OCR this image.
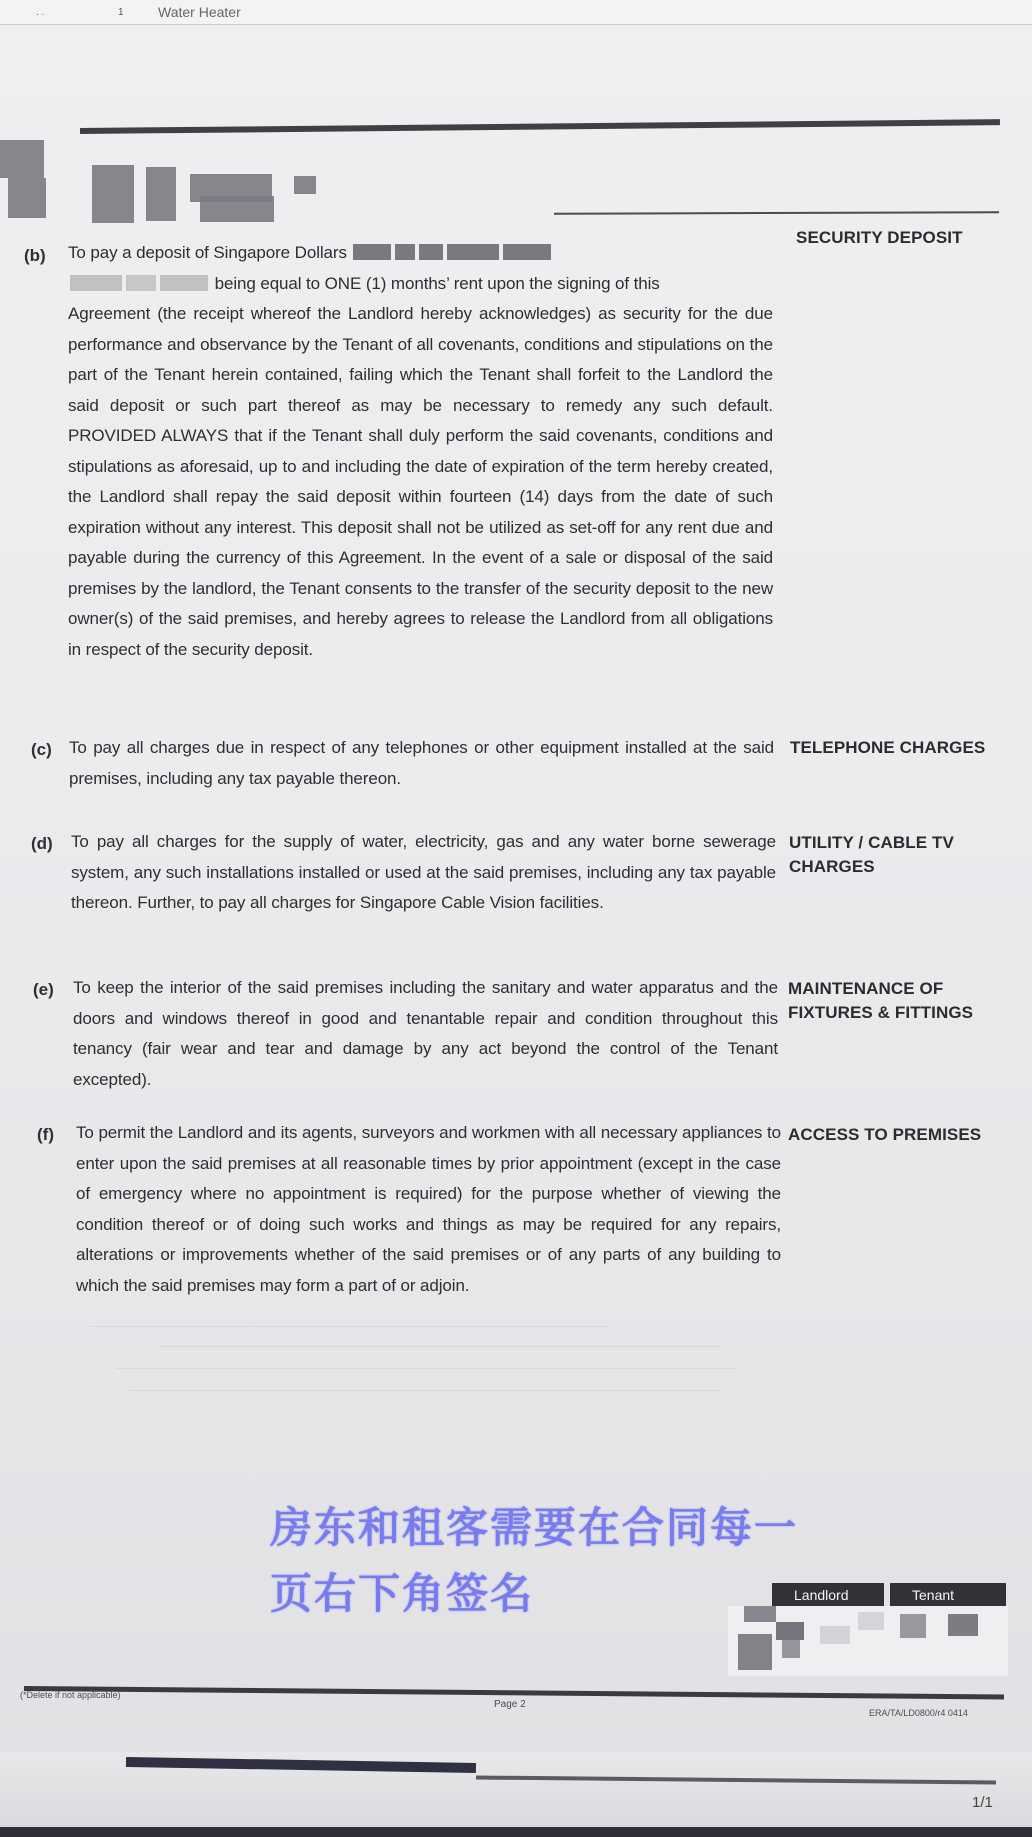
. .	1 Water Heater
(b) To pay a deposit of Singapore Dollars
being equal to ONE (1) months’ rent upon the signing of this
Agreement (the receipt whereof the Landlord hereby acknowledges) as security for the due performance and observance by the Tenant of all covenants, conditions and stipulations on the part of the Tenant herein contained, failing which the Tenant shall forfeit to the Landlord the said deposit or such part thereof as may be necessary to remedy any such default. PROVIDED ALWAYS that if the Tenant shall duly perform the said covenants, conditions and stipulations as aforesaid, up to and including the date of expiration of the term hereby created, the Landlord shall repay the said deposit within fourteen (14) days from the date of such expiration without any interest. This deposit shall not be utilized as set-off for any rent due and payable during the currency of this Agreement. In the event of a sale or disposal of the said premises by the landlord, the Tenant consents to the transfer of the security deposit to the new owner(s) of the said premises, and hereby agrees to release the Landlord from all obligations in respect of the security deposit.
SECURITY DEPOSIT
(c) To pay all charges due in respect of any telephones or other equipment installed at the said premises, including any tax payable thereon.
TELEPHONE CHARGES
(d) To pay all charges for the supply of water, electricity, gas and any water borne sewerage system, any such installations installed or used at the said premises, including any tax payable thereon. Further, to pay all charges for Singapore Cable Vision facilities.
UTILITY / CABLE TV CHARGES
(e) To keep the interior of the said premises including the sanitary and water apparatus and the doors and windows thereof in good and tenantable repair and condition throughout this tenancy (fair wear and tear and damage by any act beyond the control of the Tenant excepted).
MAINTENANCE OF FIXTURES & FITTINGS
(f) To permit the Landlord and its agents, surveyors and workmen with all necessary appliances to enter upon the said premises at all reasonable times by prior appointment (except in the case of emergency where no appointment is required) for the purpose whether of viewing the condition thereof or of doing such works and things as may be required for any repairs, alterations or improvements whether of the said premises or of any parts of any building to which the said premises may form a part of or adjoin.
ACCESS TO PREMISES
房东和租客需要在合同每一
页右下角签名	Landlord	Tenant
(*Delete if not applicable)
Page 2
ERA/TA/LD0800/r4 0414
1/1
